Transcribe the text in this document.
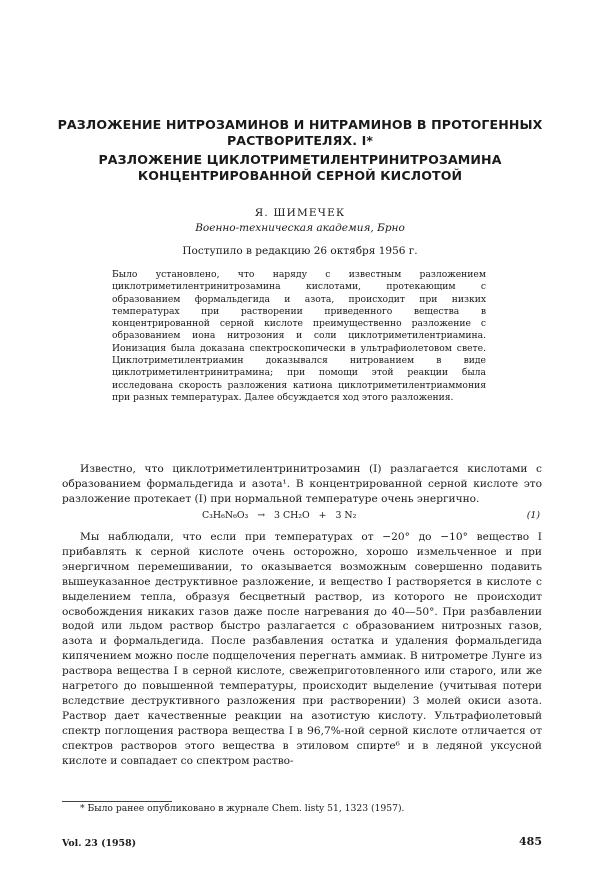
РАЗЛОЖЕНИЕ НИТРОЗАМИНОВ И НИТРАМИНОВ В ПРОТОГЕННЫХ
РАСТВОРИТЕЛЯХ. I*
РАЗЛОЖЕНИЕ ЦИКЛОТРИМЕТИЛЕНТРИНИТРОЗАМИНА
КОНЦЕНТРИРОВАННОЙ СЕРНОЙ КИСЛОТОЙ
Я. ШИМЕЧЕК
Военно-техническая академия, Брно
Поступило в редакцию 26 октября 1956 г.
Было установлено, что наряду с известным разложением циклотриметилентринитрозамина кислотами, протекающим с образованием формальдегида и азота, происходит при низких температурах при растворении приведенного вещества в концентрированной серной кислоте преимущественно разложение с образованием иона нитрозония и соли циклотриметилентриамина. Ионизация была доказана спектроскопически в ультрафиолетовом свете. Циклотриметилентриамин доказывался нитрованием в виде циклотриметилентринитрамина; при помощи этой реакции была исследована скорость разложения катиона циклотриметилентриаммония при разных температурах. Далее обсуждается ход этого разложения.
Известно, что циклотриметилентринитрозамин (I) разлагается кислотами с образованием формальдегида и азота¹. В концентрированной серной кислоте это разложение протекает (I) при нормальной температуре очень энергично.
C₃H₆N₆O₃   →   3 CH₂O   +   3 N₂	(1)
Мы наблюдали, что если при температурах от −20° до −10° вещество I прибавлять к серной кислоте очень осторожно, хорошо измельченное и при энергичном перемешивании, то оказывается возможным совершенно подавить вышеуказанное деструктивное разложение, и вещество I растворяется в кислоте с выделением тепла, образуя бесцветный раствор, из которого не происходит освобождения никаких газов даже после нагревания до 40—50°. При разбавлении водой или льдом раствор быстро разлагается с образованием нитрозных газов, азота и формальдегида. После разбавления остатка и удаления формальдегида кипячением можно после подщелочения перегнать аммиак. В нитрометре Лунге из раствора вещества I в серной кислоте, свежеприготовленного или старого, или же нагретого до повышенной температуры, происходит выделение (учитывая потери вследствие деструктивного разложения при растворении) 3 молей окиси азота. Раствор дает качественные реакции на азотистую кислоту. Ультрафиолетовый спектр поглощения раствора вещества I в 96,7%-ной серной кислоте отличается от спектров растворов этого вещества в этиловом спирте⁶ и в ледяной уксусной кислоте и совпадает со спектром раство-
* Было ранее опубликовано в журнале Chem. listy 51, 1323 (1957).
Vol. 23 (1958)	485
